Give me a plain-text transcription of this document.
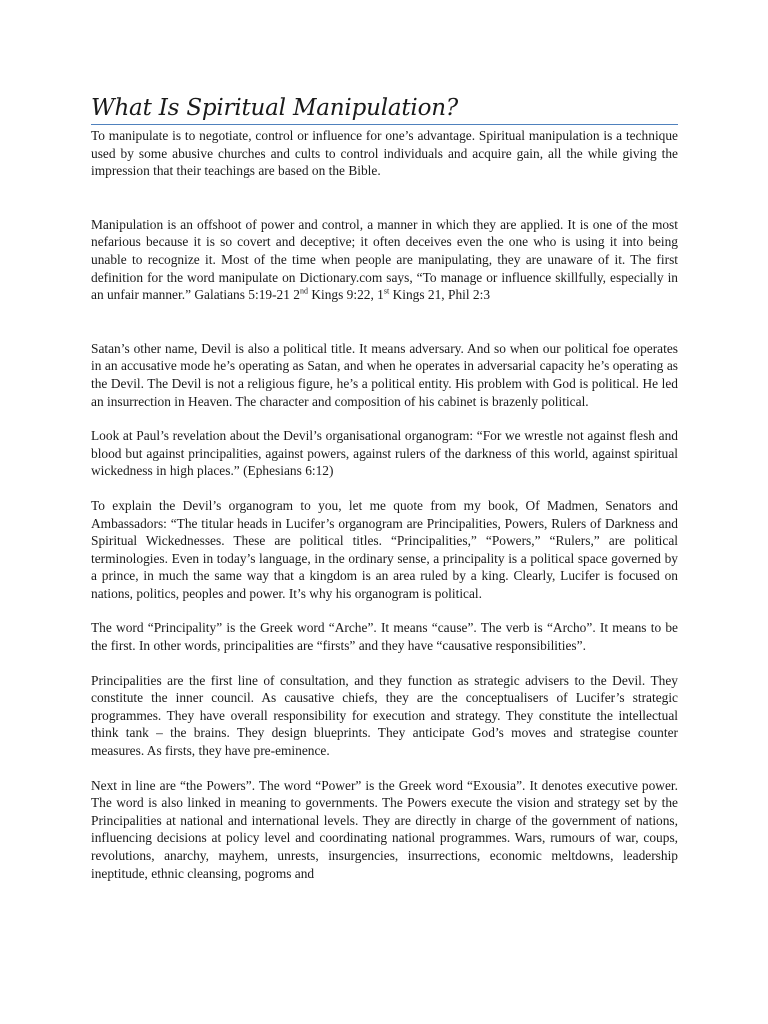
What Is Spiritual Manipulation?

To manipulate is to negotiate, control or influence for one’s advantage. Spiritual manipulation is a technique used by some abusive churches and cults to control individuals and acquire gain, all the while giving the impression that their teachings are based on the Bible.

Manipulation is an offshoot of power and control, a manner in which they are applied. It is one of the most nefarious because it is so covert and deceptive; it often deceives even the one who is using it into being unable to recognize it. Most of the time when people are manipulating, they are unaware of it. The first definition for the word manipulate on Dictionary.com says, “To manage or influence skillfully, especially in an unfair manner.” Galatians 5:19-21 2nd Kings 9:22, 1st Kings 21, Phil 2:3

Satan’s other name, Devil is also a political title. It means adversary. And so when our political foe operates in an accusative mode he’s operating as Satan, and when he operates in adversarial capacity he’s operating as the Devil. The Devil is not a religious figure, he’s a political entity. His problem with God is political. He led an insurrection in Heaven. The character and composition of his cabinet is brazenly political.

Look at Paul’s revelation about the Devil’s organisational organogram: “For we wrestle not against flesh and blood but against principalities, against powers, against rulers of the darkness of this world, against spiritual wickedness in high places.” (Ephesians 6:12)

To explain the Devil’s organogram to you, let me quote from my book, Of Madmen, Senators and Ambassadors: “The titular heads in Lucifer’s organogram are Principalities, Powers, Rulers of Darkness and Spiritual Wickednesses. These are political titles. “Principalities,” “Powers,” “Rulers,” are political terminologies. Even in today’s language, in the ordinary sense, a principality is a political space governed by a prince, in much the same way that a kingdom is an area ruled by a king. Clearly, Lucifer is focused on nations, politics, peoples and power. It’s why his organogram is political.

The word “Principality” is the Greek word “Arche”. It means “cause”. The verb is “Archo”. It means to be the first. In other words, principalities are “firsts” and they have “causative responsibilities”.

Principalities are the first line of consultation, and they function as strategic advisers to the Devil. They constitute the inner council. As causative chiefs, they are the conceptualisers of Lucifer’s strategic programmes. They have overall responsibility for execution and strategy. They constitute the intellectual think tank – the brains. They design blueprints. They anticipate God’s moves and strategise counter measures. As firsts, they have pre-eminence.

Next in line are “the Powers”. The word “Power” is the Greek word “Exousia”. It denotes executive power. The word is also linked in meaning to governments. The Powers execute the vision and strategy set by the Principalities at national and international levels. They are directly in charge of the government of nations, influencing decisions at policy level and coordinating national programmes. Wars, rumours of war, coups, revolutions, anarchy, mayhem, unrests, insurgencies, insurrections, economic meltdowns, leadership ineptitude, ethnic cleansing, pogroms and
